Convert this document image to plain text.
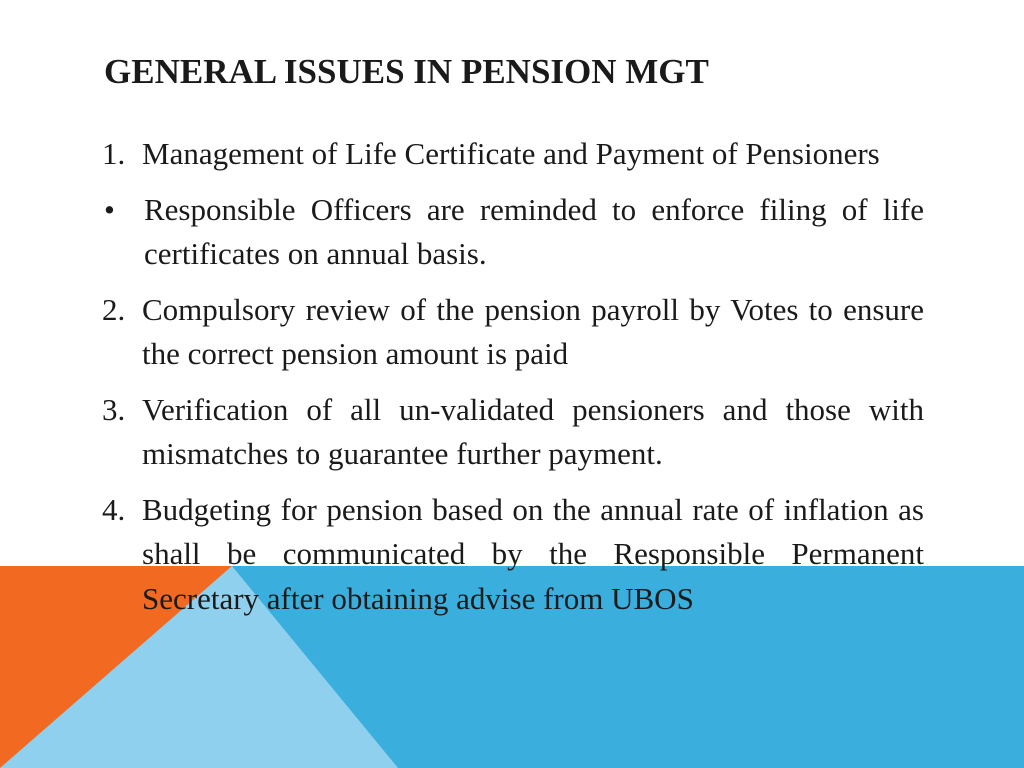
GENERAL ISSUES IN PENSION MGT
1. Management of Life Certificate and Payment of Pensioners
• Responsible Officers are reminded to enforce filing of life certificates on annual basis.
2. Compulsory review of the pension payroll by Votes to ensure the correct pension amount is paid
3. Verification of all un-validated pensioners and those with mismatches to guarantee further payment.
4. Budgeting for pension based on the annual rate of inflation as shall be communicated by the Responsible Permanent Secretary after obtaining advise from UBOS
